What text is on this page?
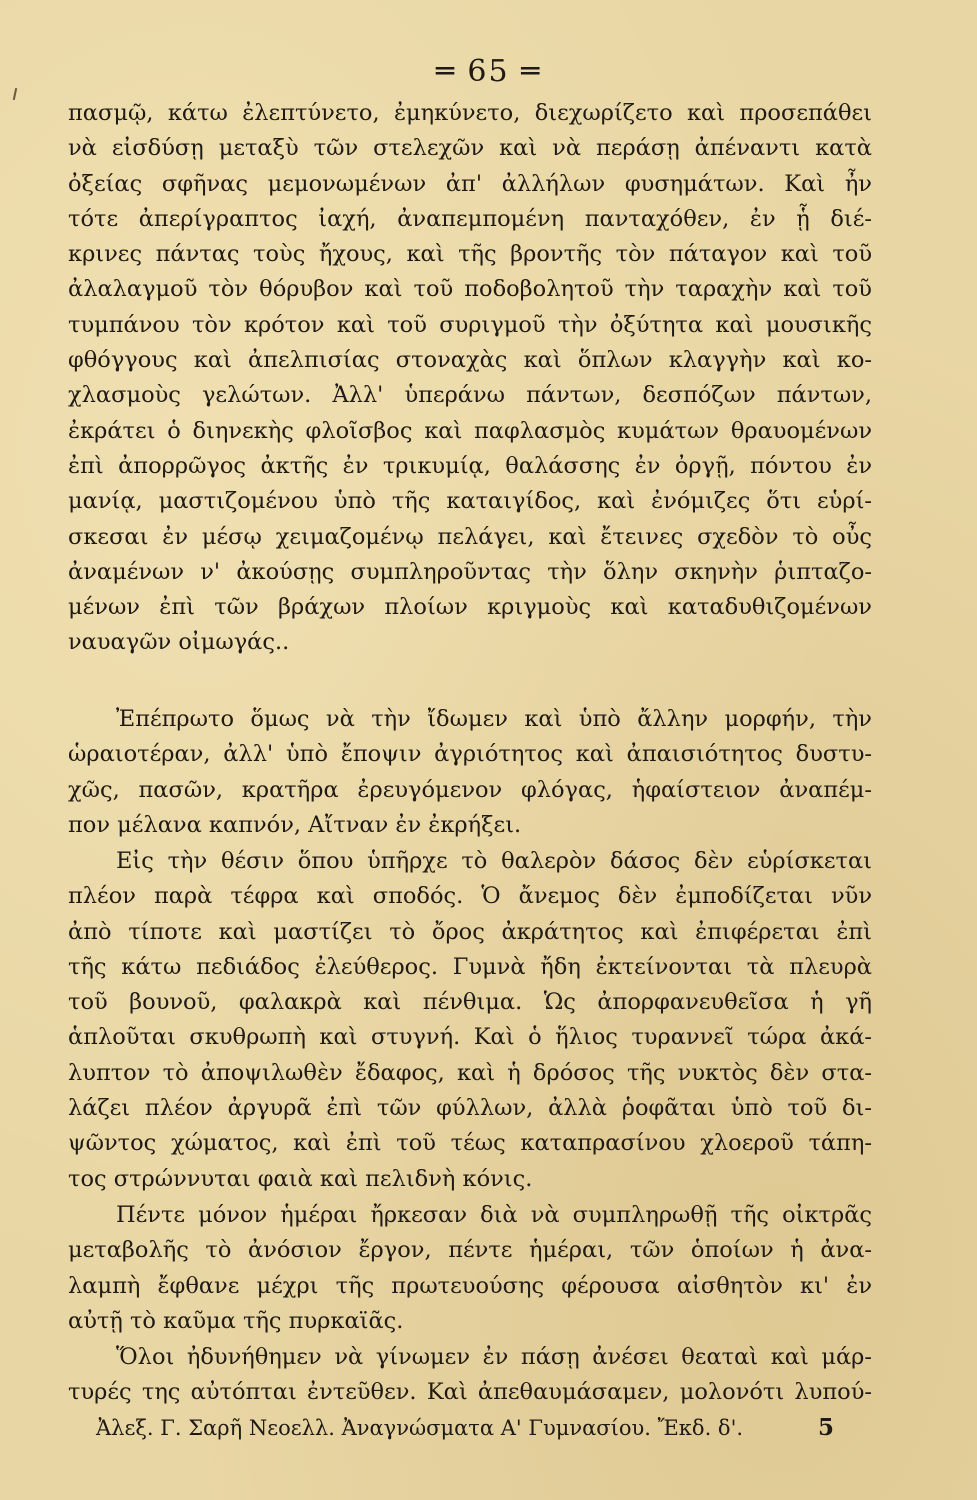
═ 65 ═
πασμῷ, κάτω ἐλεπτύνετο, ἐμηκύνετο, διεχωρίζετο καὶ προσεπάθει
νὰ εἰσδύσῃ μεταξὺ τῶν στελεχῶν καὶ νὰ περάσῃ ἀπέναντι κατὰ
ὀξείας σφῆνας μεμονωμένων ἀπ' ἀλλήλων φυσημάτων. Καὶ ἦν
τότε ἀπερίγραπτος ἰαχή, ἀναπεμπομένη πανταχόθεν, ἐν ᾗ διέ-
κρινες πάντας τοὺς ἤχους, καὶ τῆς βροντῆς τὸν πάταγον καὶ τοῦ
ἀλαλαγμοῦ τὸν θόρυβον καὶ τοῦ ποδοβολητοῦ τὴν ταραχὴν καὶ τοῦ
τυμπάνου τὸν κρότον καὶ τοῦ συριγμοῦ τὴν ὀξύτητα καὶ μουσικῆς
φθόγγους καὶ ἀπελπισίας στοναχὰς καὶ ὅπλων κλαγγὴν καὶ κο-
χλασμοὺς γελώτων. Ἀλλ' ὑπεράνω πάντων, δεσπόζων πάντων,
ἐκράτει ὁ διηνεκὴς φλοῖσβος καὶ παφλασμὸς κυμάτων θραυομένων
ἐπὶ ἀπορρῶγος ἀκτῆς ἐν τρικυμίᾳ, θαλάσσης ἐν ὀργῇ, πόντου ἐν
μανίᾳ, μαστιζομένου ὑπὸ τῆς καταιγίδος, καὶ ἐνόμιζες ὅτι εὑρί-
σκεσαι ἐν μέσῳ χειμαζομένῳ πελάγει, καὶ ἔτεινες σχεδὸν τὸ οὖς
ἀναμένων ν' ἀκούσῃς συμπληροῦντας τὴν ὅλην σκηνὴν ῥιπταζο-
μένων ἐπὶ τῶν βράχων πλοίων κριγμοὺς καὶ καταδυθιζομένων
ναυαγῶν οἰμωγάς..
Ἐπέπρωτο ὅμως νὰ τὴν ἴδωμεν καὶ ὑπὸ ἄλλην μορφήν, τὴν
ὡραιοτέραν, ἀλλ' ὑπὸ ἔποψιν ἀγριότητος καὶ ἀπαισιότητος δυστυ-
χῶς, πασῶν, κρατῆρα ἐρευγόμενον φλόγας, ἡφαίστειον ἀναπέμ-
πον μέλανα καπνόν, Αἴτναν ἐν ἐκρήξει.
Εἰς τὴν θέσιν ὅπου ὑπῆρχε τὸ θαλερὸν δάσος δὲν εὑρίσκεται
πλέον παρὰ τέφρα καὶ σποδός. Ὁ ἄνεμος δὲν ἐμποδίζεται νῦν
ἀπὸ τίποτε καὶ μαστίζει τὸ ὄρος ἀκράτητος καὶ ἐπιφέρεται ἐπὶ
τῆς κάτω πεδιάδος ἐλεύθερος. Γυμνὰ ἤδη ἐκτείνονται τὰ πλευρὰ
τοῦ βουνοῦ, φαλακρὰ καὶ πένθιμα. Ὡς ἀπορφανευθεῖσα ἡ γῆ
ἁπλοῦται σκυθρωπὴ καὶ στυγνή. Καὶ ὁ ἥλιος τυραννεῖ τώρα ἀκά-
λυπτον τὸ ἀποψιλωθὲν ἔδαφος, καὶ ἡ δρόσος τῆς νυκτὸς δὲν στα-
λάζει πλέον ἀργυρᾶ ἐπὶ τῶν φύλλων, ἀλλὰ ῥοφᾶται ὑπὸ τοῦ δι-
ψῶντος χώματος, καὶ ἐπὶ τοῦ τέως καταπρασίνου χλοεροῦ τάπη-
τος στρώννυται φαιὰ καὶ πελιδνὴ κόνις.
Πέντε μόνον ἡμέραι ἤρκεσαν διὰ νὰ συμπληρωθῇ τῆς οἰκτρᾶς
μεταβολῆς τὸ ἀνόσιον ἔργον, πέντε ἡμέραι, τῶν ὁποίων ἡ ἀνα-
λαμπὴ ἔφθανε μέχρι τῆς πρωτευούσης φέρουσα αἰσθητὸν κι' ἐν
αὐτῇ τὸ καῦμα τῆς πυρκαϊᾶς.
Ὅλοι ἠδυνήθημεν νὰ γίνωμεν ἐν πάσῃ ἀνέσει θεαταὶ καὶ μάρ-
τυρές της αὐτόπται ἐντεῦθεν. Καὶ ἀπεθαυμάσαμεν, μολονότι λυπού-
Ἀλεξ. Γ. Σαρῆ Νεοελλ. Ἀναγνώσματα Α' Γυμνασίου. Ἔκδ. δ'.	5
